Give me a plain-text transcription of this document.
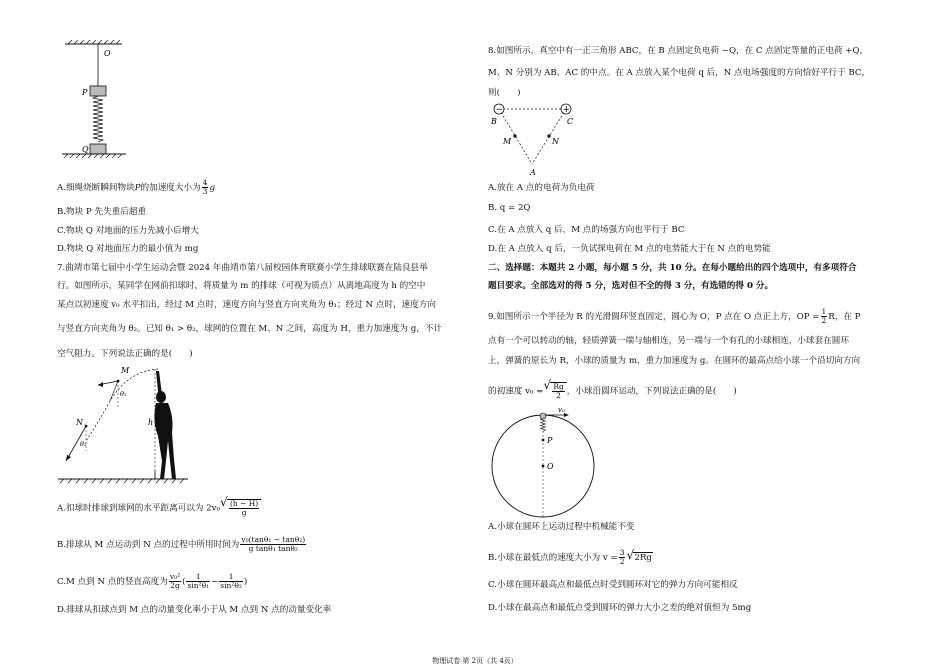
O
P
Q
A.细绳烧断瞬间物块P的加速度大小为 $\frac{4}{3}$ g
B.物块 P 先失重后超重
C.物块 Q 对地面的压力先减小后增大
D.物块 Q 对地面压力的最小值为 mg
7.曲靖市第七届中小学生运动会暨 2024 年曲靖市第八届校园体育联赛小学生排球联赛在陆良县举
行。如图所示，某同学在网前扣球时，将质量为 m 的排球（可视为质点）从离地高度为 h 的空中
某点以初速度 v₀ 水平扣出，经过 M 点时，速度方向与竖直方向夹角为 θ₁；经过 N 点时，速度方向
与竖直方向夹角为 θ₂。已知 θ₁ > θ₂，球网的位置在 M、N 之间，高度为 H，重力加速度为 g，不计
空气阻力。下列说法正确的是(　　)
M
N
θ₁
θ₂
h
A.扣球时排球到球网的水平距离可以为 2v₀ √ $\frac{(h - H)}{g}$
B.排球从 M 点运动到 N 点的过程中所用时间为 $\frac{\text{v₀(tanθ₁ − tanθ₂)}}{\text{g tanθ₁ tanθ₂}}$
C.M 点到 N 点的竖直高度为 $\frac{\text{v₀²}}{2g}$ ( $\frac{1}{\text{sin²θ₁}} - \frac{1}{\text{sin²θ₂}}$ )
D.排球从扣球点到 M 点的动量变化率小于从 M 点到 N 点的动量变化率
8.如图所示，真空中有一正三角形 ABC，在 B 点固定负电荷 −Q，在 C 点固定等量的正电荷 +Q，
M、N 分别为 AB、AC 的中点。在 A 点放入某个电荷 q 后，N 点电场强度的方向恰好平行于 BC，
则(　　)
−	+
B	C
M	N
A
A.放在 A 点的电荷为负电荷
B. q = 2Q
C.在 A 点放入 q 后，M 点的场强方向也平行于 BC
D.在 A 点放入 q 后，一负试探电荷在 M 点的电势能大于在 N 点的电势能
二、选择题：本题共 2 小题，每小题 5 分，共 10 分。在每小题给出的四个选项中，有多项符合
题目要求。全部选对的得 5 分，选对但不全的得 3 分，有选错的得 0 分。
9.如图所示一个半径为 R 的光滑圆环竖直固定，圆心为 O，P 点在 O 点正上方，OP = $\frac{1}{2}$ R，在 P
点有一个可以转动的轴，轻质弹簧一端与轴相连，另一端与一个有孔的小球相连，小球套在圆环
上，弹簧的原长为 R，小球的质量为 m，重力加速度为 g。在圆环的最高点给小球一个沿切向方向
的初速度 v₀ = √ $\frac{Rg}{2}$ ，小球沿圆环运动，下列说法正确的是(　　)
v₀
P
O
A.小球在圆环上运动过程中机械能不变
B.小球在最低点的速度大小为 $v = \frac{3}{2}$ √ 2Rg
C.小球在圆环最高点和最低点时受到圆环对它的弹力方向可能相反
D.小球在最高点和最低点受到圆环的弹力大小之差的绝对值恒为 5mg
物理试卷 第 2页（共 4页）
